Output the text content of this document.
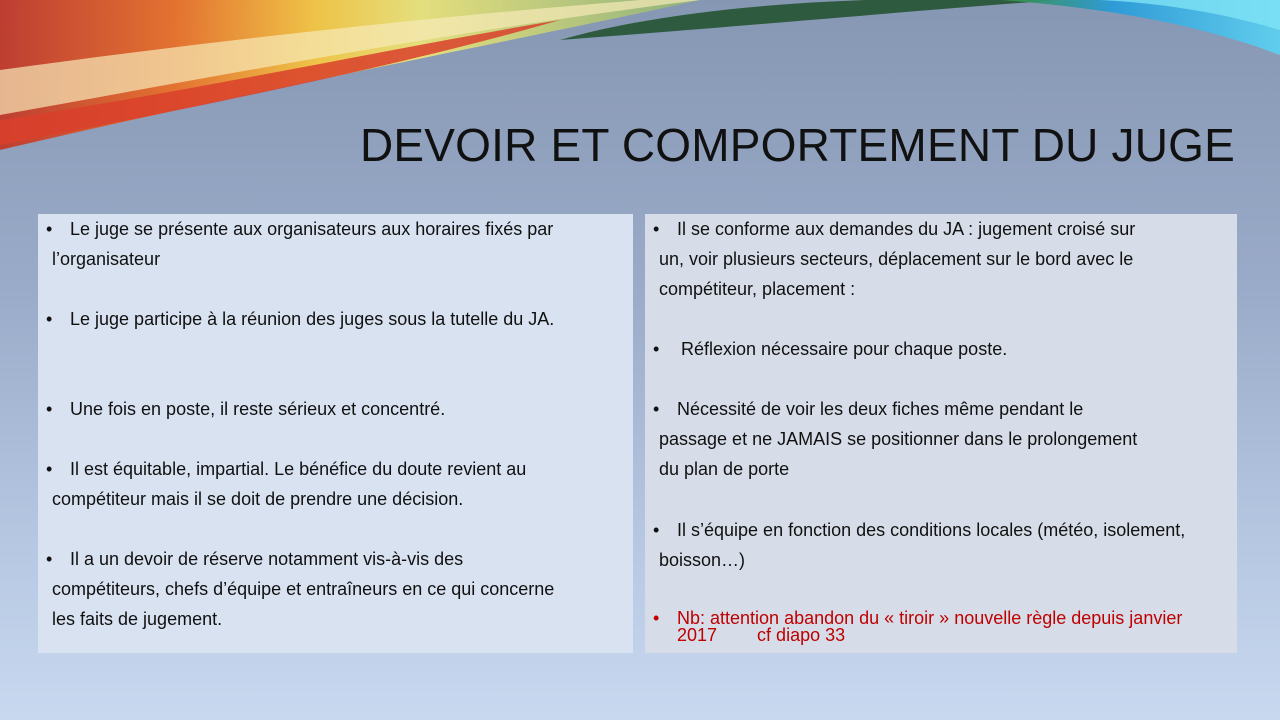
DEVOIR ET COMPORTEMENT DU JUGE
• Le juge se présente aux organisateurs aux horaires fixés par l’organisateur
• Le juge participe à la réunion des juges sous la tutelle du JA.
• Une fois en poste, il reste sérieux et concentré.
• Il est équitable, impartial. Le bénéfice du doute revient au compétiteur mais il se doit de prendre une décision.
• Il a un devoir de réserve notamment vis-à-vis des compétiteurs, chefs d’équipe et entraîneurs en ce qui concerne les faits de jugement.
• Il se conforme aux demandes du JA : jugement croisé sur un, voir plusieurs secteurs, déplacement sur le bord avec le compétiteur, placement :
•	Réflexion nécessaire pour chaque poste.
• Nécessité de voir les deux fiches même pendant le passage et ne JAMAIS se positionner dans le prolongement du plan de porte
• Il s’équipe en fonction des conditions locales (météo, isolement, boisson…)
• Nb: attention abandon du « tiroir » nouvelle règle depuis janvier 2017        cf diapo 33
